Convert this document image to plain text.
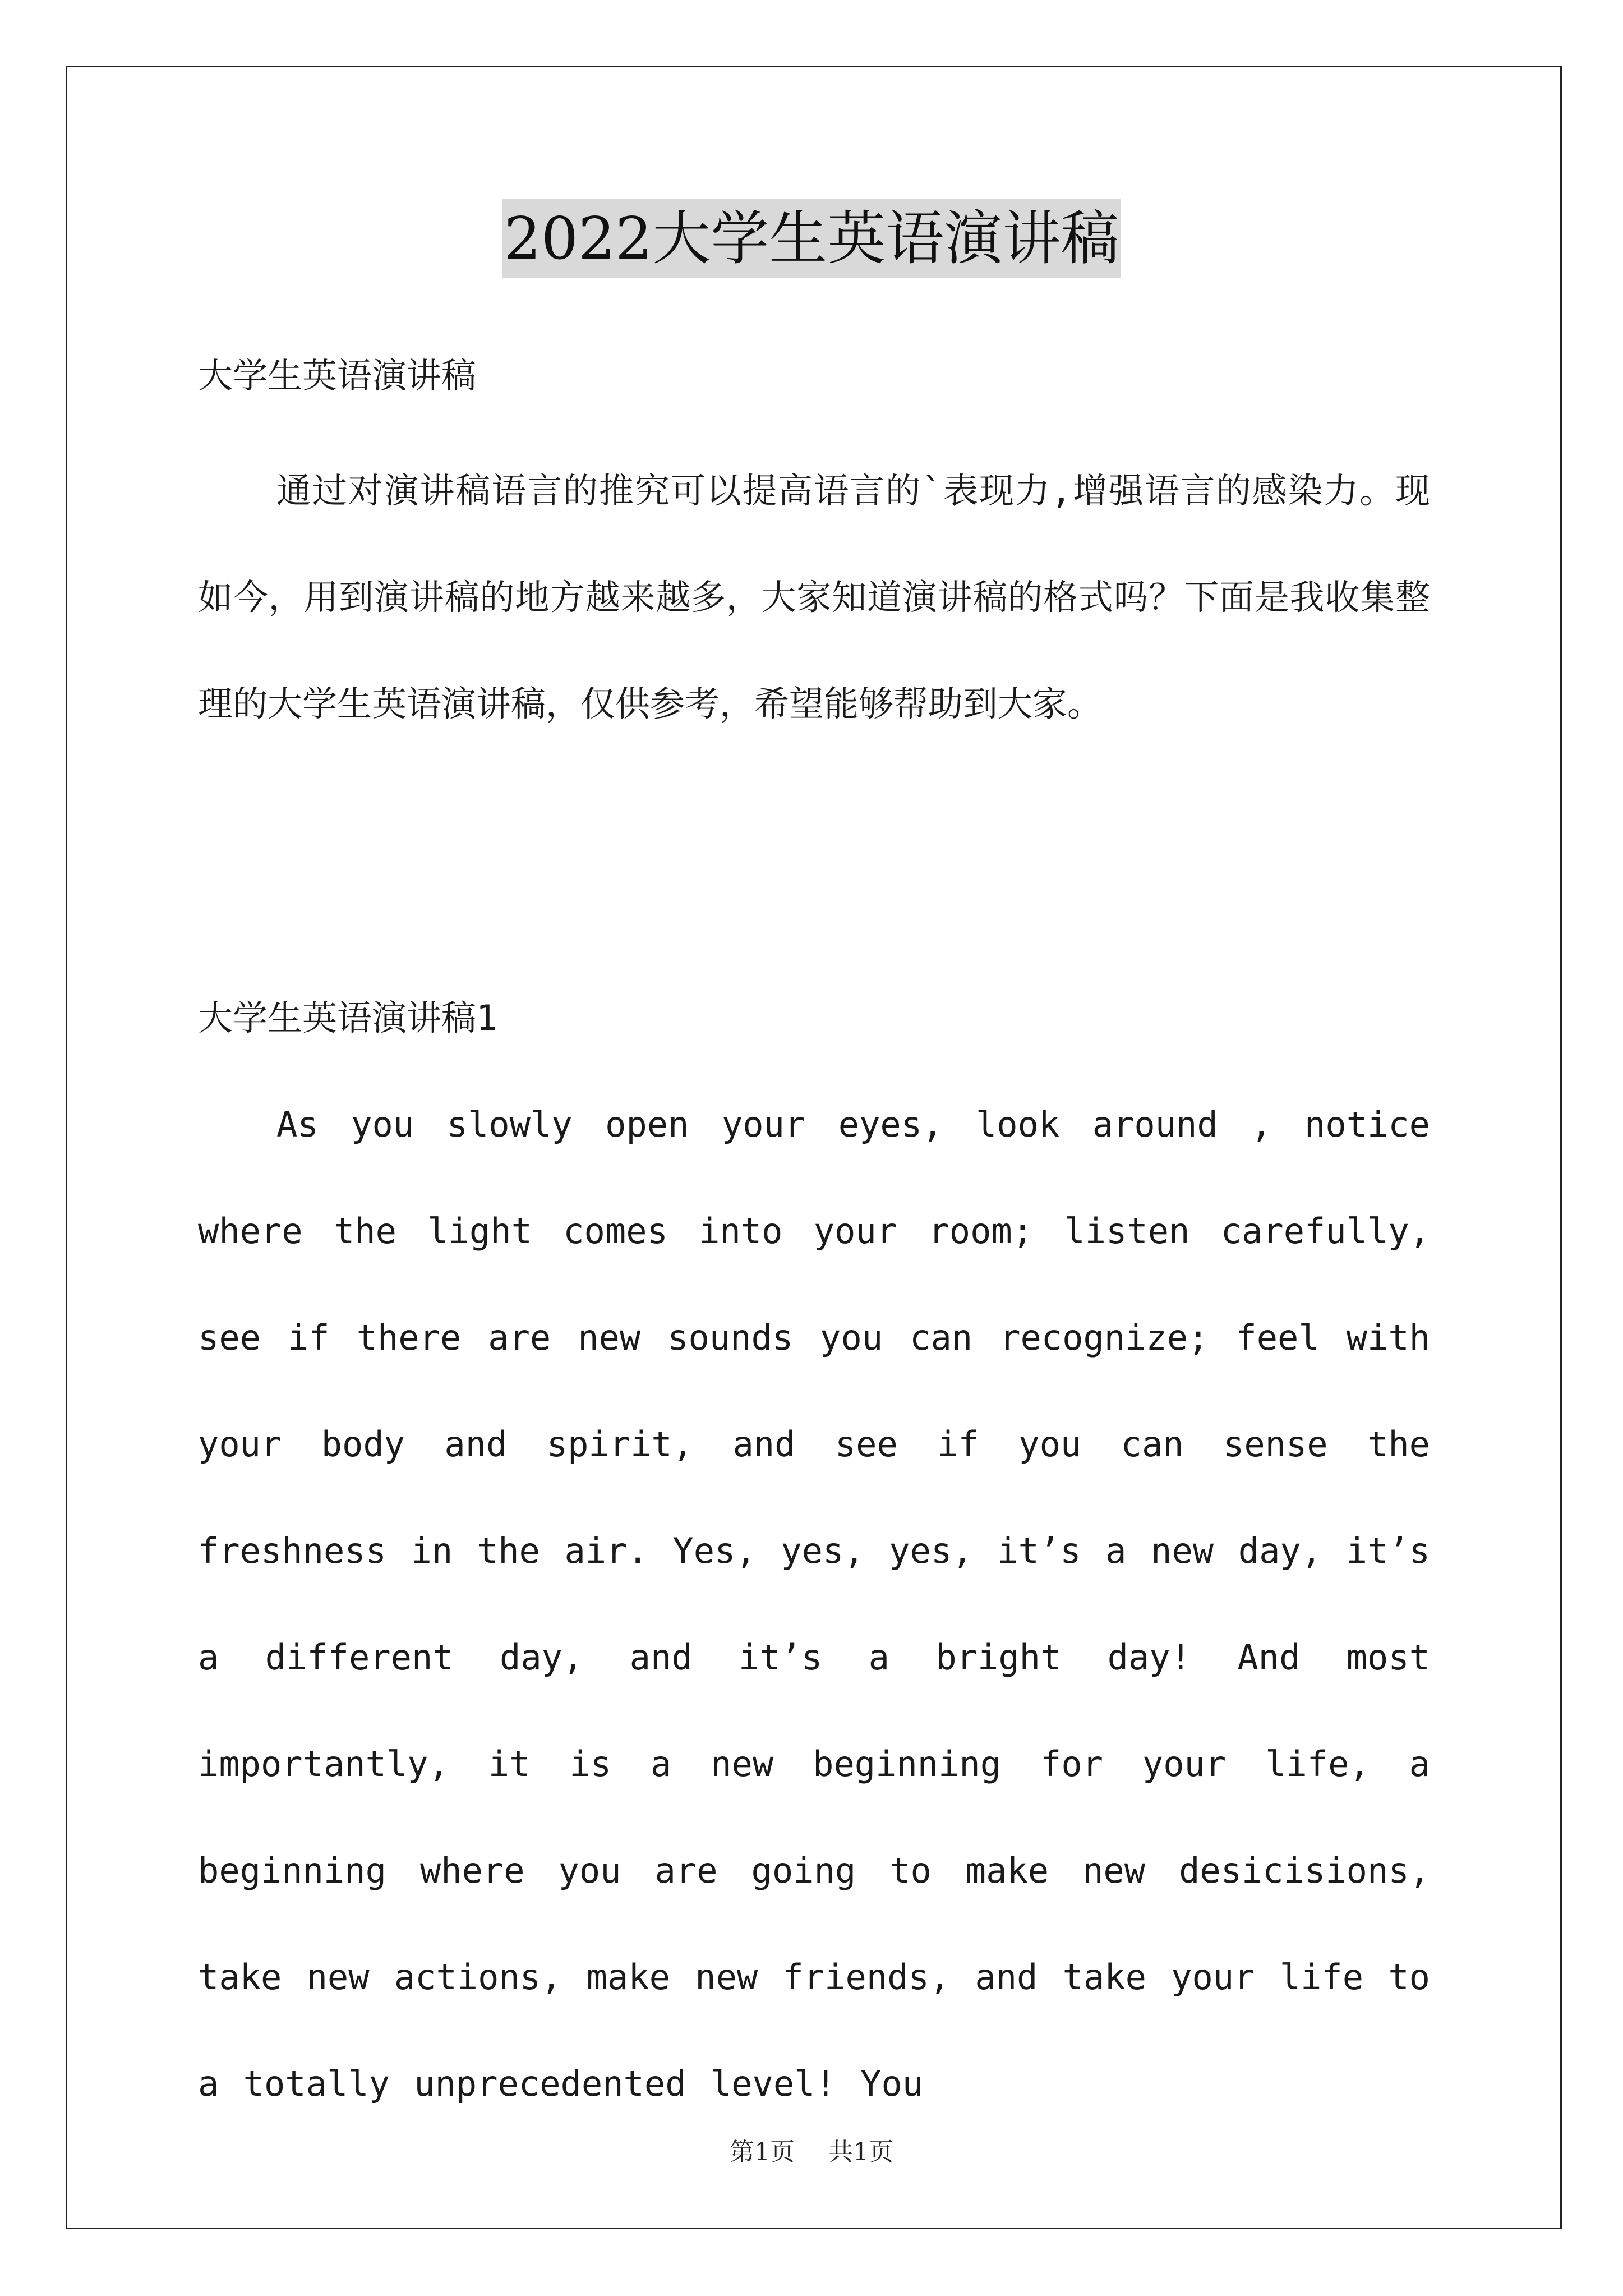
2022大学生英语演讲稿
大学生英语演讲稿
通过对演讲稿语言的推究可以提高语言的`表现力,增强语言的感染力。现如今，用到演讲稿的地方越来越多，大家知道演讲稿的格式吗？下面是我收集整理的大学生英语演讲稿，仅供参考，希望能够帮助到大家。
大学生英语演讲稿1
As you slowly open your eyes, look around , notice where the light comes into your room; listen carefully, see if there are new sounds you can recognize; feel with your body and spirit, and see if you can sense the freshness in the air. Yes, yes, yes, it’s a new day, it’s a different day, and it’s a bright day! And most importantly, it is a new beginning for your life, a beginning where you are going to make new desicisions, take new actions, make new friends, and take your life to a totally unprecedented level! You
第1页 共1页
